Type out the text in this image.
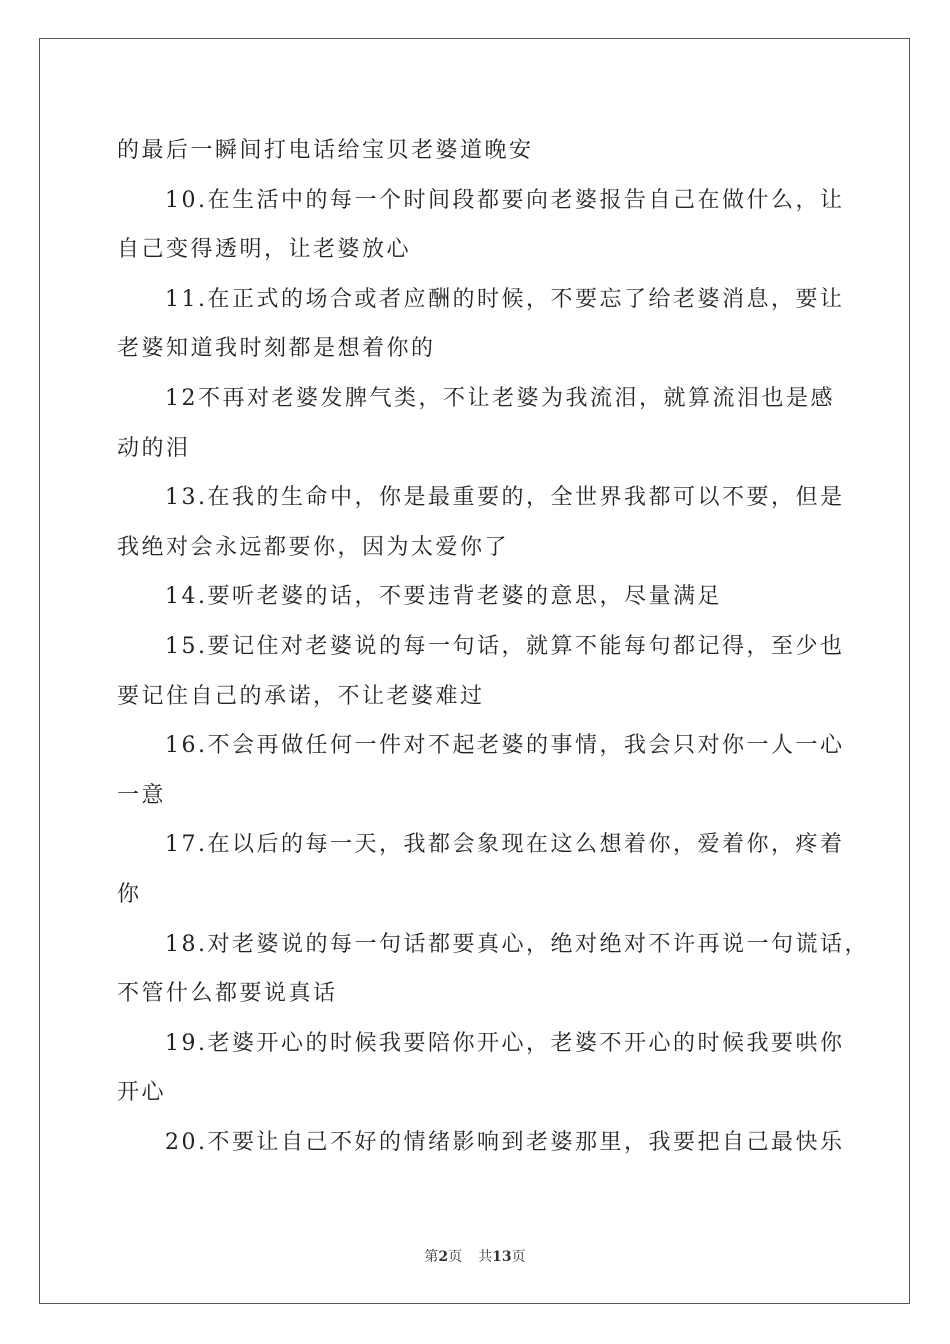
的最后一瞬间打电话给宝贝老婆道晚安
10.在生活中的每一个时间段都要向老婆报告自己在做什么，让
自己变得透明，让老婆放心
11.在正式的场合或者应酬的时候，不要忘了给老婆消息，要让
老婆知道我时刻都是想着你的
12不再对老婆发脾气类，不让老婆为我流泪，就算流泪也是感
动的泪
13.在我的生命中，你是最重要的，全世界我都可以不要，但是
我绝对会永远都要你，因为太爱你了
14.要听老婆的话，不要违背老婆的意思，尽量满足
15.要记住对老婆说的每一句话，就算不能每句都记得，至少也
要记住自己的承诺，不让老婆难过
16.不会再做任何一件对不起老婆的事情，我会只对你一人一心
一意
17.在以后的每一天，我都会象现在这么想着你，爱着你，疼着
你
18.对老婆说的每一句话都要真心，绝对绝对不许再说一句谎话，
不管什么都要说真话
19.老婆开心的时候我要陪你开心，老婆不开心的时候我要哄你
开心
20.不要让自己不好的情绪影响到老婆那里，我要把自己最快乐
第2页 共13页
